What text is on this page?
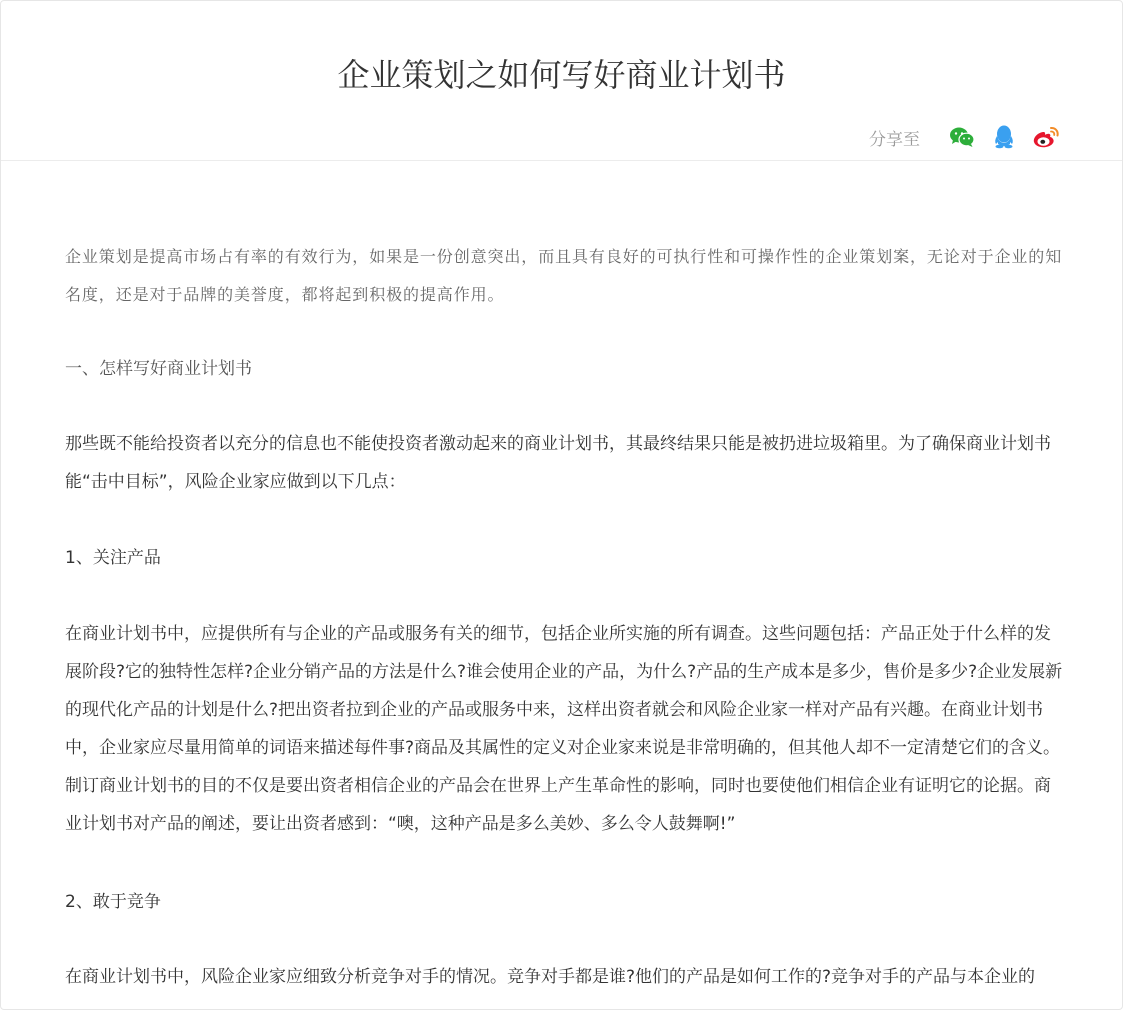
企业策划之如何写好商业计划书
分享至

企业策划是提高市场占有率的有效行为，如果是一份创意突出，而且具有良好的可执行性和可操作性的企业策划案，无论对于企业的知名度，还是对于品牌的美誉度，都将起到积极的提高作用。

一、怎样写好商业计划书

那些既不能给投资者以充分的信息也不能使投资者激动起来的商业计划书，其最终结果只能是被扔进垃圾箱里。为了确保商业计划书能“击中目标”，风险企业家应做到以下几点：

1、关注产品

在商业计划书中，应提供所有与企业的产品或服务有关的细节，包括企业所实施的所有调查。这些问题包括：产品正处于什么样的发展阶段?它的独特性怎样?企业分销产品的方法是什么?谁会使用企业的产品，为什么?产品的生产成本是多少，售价是多少?企业发展新的现代化产品的计划是什么?把出资者拉到企业的产品或服务中来，这样出资者就会和风险企业家一样对产品有兴趣。在商业计划书中，企业家应尽量用简单的词语来描述每件事?商品及其属性的定义对企业家来说是非常明确的，但其他人却不一定清楚它们的含义。制订商业计划书的目的不仅是要出资者相信企业的产品会在世界上产生革命性的影响，同时也要使他们相信企业有证明它的论据。商业计划书对产品的阐述，要让出资者感到：“噢，这种产品是多么美妙、多么令人鼓舞啊!”

2、敢于竞争

在商业计划书中，风险企业家应细致分析竞争对手的情况。竞争对手都是谁?他们的产品是如何工作的?竞争对手的产品与本企业的
